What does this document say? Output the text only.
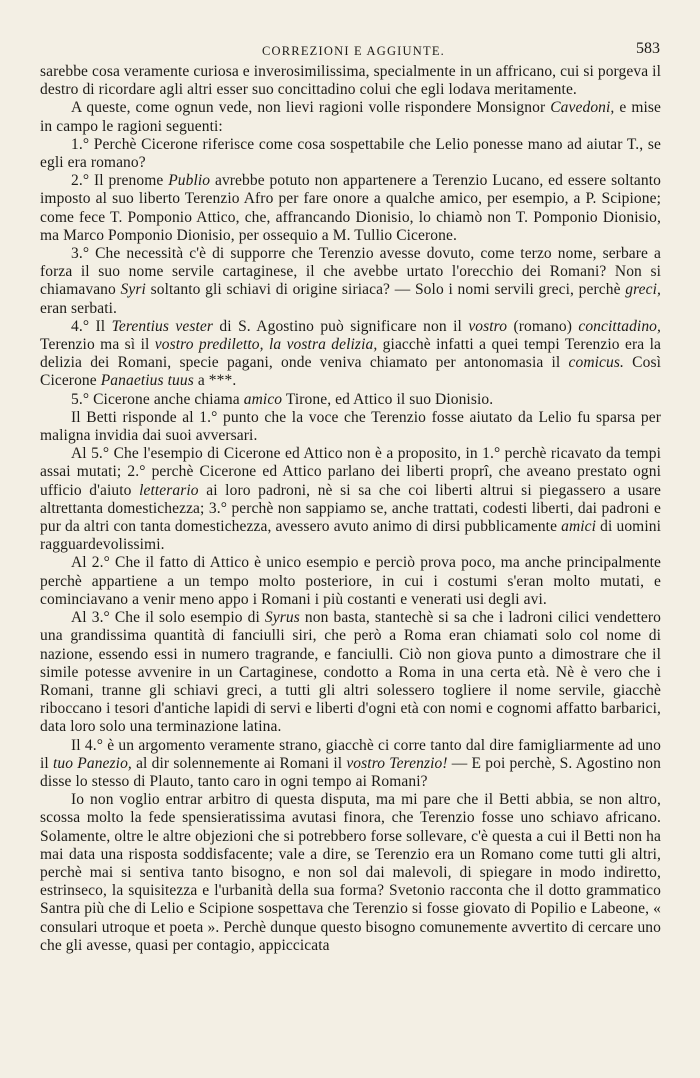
CORREZIONI E AGGIUNTE.	583

sarebbe cosa veramente curiosa e inverosimilissima, specialmente in un affricano, cui si porgeva il destro di ricordare agli altri esser suo concittadino colui che egli lodava meritamente.

A queste, come ognun vede, non lievi ragioni volle rispondere Monsignor Cavedoni, e mise in campo le ragioni seguenti:

1.° Perchè Cicerone riferisce come cosa sospettabile che Lelio ponesse mano ad aiutar T., se egli era romano?

2.° Il prenome Publio avrebbe potuto non appartenere a Terenzio Lucano, ed essere soltanto imposto al suo liberto Terenzio Afro per fare onore a qualche amico, per esempio, a P. Scipione; come fece T. Pomponio Attico, che, affrancando Dionisio, lo chiamò non T. Pomponio Dionisio, ma Marco Pomponio Dionisio, per ossequio a M. Tullio Cicerone.

3.° Che necessità c'è di supporre che Terenzio avesse dovuto, come terzo nome, serbare a forza il suo nome servile cartaginese, il che avebbe urtato l'orecchio dei Romani? Non si chiamavano Syri soltanto gli schiavi di origine siriaca? — Solo i nomi servili greci, perchè greci, eran serbati.

4.° Il Terentius vester di S. Agostino può significare non il vostro (romano) concittadino, Terenzio ma sì il vostro prediletto, la vostra delizia, giacchè infatti a quei tempi Terenzio era la delizia dei Romani, specie pagani, onde veniva chiamato per antonomasia il comicus. Così Cicerone Panaetius tuus a ***.

5.° Cicerone anche chiama amico Tirone, ed Attico il suo Dionisio.

Il Betti risponde al 1.° punto che la voce che Terenzio fosse aiutato da Lelio fu sparsa per maligna invidia dai suoi avversari.

Al 5.° Che l'esempio di Cicerone ed Attico non è a proposito, in 1.° perchè ricavato da tempi assai mutati; 2.° perchè Cicerone ed Attico parlano dei liberti proprî, che aveano prestato ogni ufficio d'aiuto letterario ai loro padroni, nè si sa che coi liberti altrui si piegassero a usare altrettanta domestichezza; 3.° perchè non sappiamo se, anche trattati, codesti liberti, dai padroni e pur da altri con tanta domestichezza, avessero avuto animo di dirsi pubblicamente amici di uomini ragguardevolissimi.

Al 2.° Che il fatto di Attico è unico esempio e perciò prova poco, ma anche principalmente perchè appartiene a un tempo molto posteriore, in cui i costumi s'eran molto mutati, e cominciavano a venir meno appo i Romani i più costanti e venerati usi degli avi.

Al 3.° Che il solo esempio di Syrus non basta, stantechè si sa che i ladroni cilici vendettero una grandissima quantità di fanciulli siri, che però a Roma eran chiamati solo col nome di nazione, essendo essi in numero tragrande, e fanciulli. Ciò non giova punto a dimostrare che il simile potesse avvenire in un Cartaginese, condotto a Roma in una certa età. Nè è vero che i Romani, tranne gli schiavi greci, a tutti gli altri solessero togliere il nome servile, giacchè riboccano i tesori d'antiche lapidi di servi e liberti d'ogni età con nomi e cognomi affatto barbarici, data loro solo una terminazione latina.

Il 4.° è un argomento veramente strano, giacchè ci corre tanto dal dire famigliarmente ad uno il tuo Panezio, al dir solennemente ai Romani il vostro Terenzio! — E poi perchè, S. Agostino non disse lo stesso di Plauto, tanto caro in ogni tempo ai Romani?

Io non voglio entrar arbitro di questa disputa, ma mi pare che il Betti abbia, se non altro, scossa molto la fede spensieratissima avutasi finora, che Terenzio fosse uno schiavo africano. Solamente, oltre le altre objezioni che si potrebbero forse sollevare, c'è questa a cui il Betti non ha mai data una risposta soddisfacente; vale a dire, se Terenzio era un Romano come tutti gli altri, perchè mai si sentiva tanto bisogno, e non sol dai malevoli, di spiegare in modo indiretto, estrinseco, la squisitezza e l'urbanità della sua forma? Svetonio racconta che il dotto grammatico Santra più che di Lelio e Scipione sospettava che Terenzio si fosse giovato di Popilio e Labeone, « consulari utroque et poeta ». Perchè dunque questo bisogno comunemente avvertito di cercare uno che gli avesse, quasi per contagio, appiccicata
